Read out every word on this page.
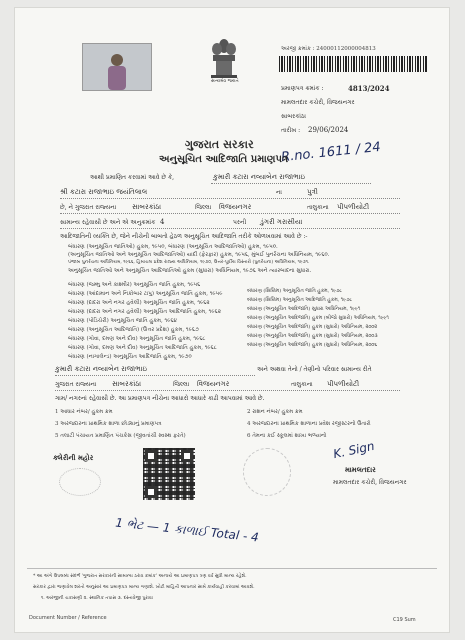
સત્યમેવ જયતે
અરજી ક્રમાંક : 24000112000004813
પ્રમાણપત્ર ક્રમાંક :	4813/2024
મામલતદાર કચેરી, વિજયનગર
સાબરકાંઠા
તારીખ : 29/06/2024
R.no. 1611 / 24
ગુજરાત સરકાર
અનુસૂચિત આદિજાતિ પ્રમાણપત્ર
આથી પ્રમાણિત કરવામાં આવે છે કે,	કુમારી કટારા નવ્યાબેન રાજાભાઇ
શ્રી કટારા રાજાભાઇ જયંતિલાલ	ના	પુત્રી
છે, ને ગુજરાત રાજ્યના સાબરકાંઠા	જિલ્લા વિજયનગર	તાલુકાના પીપળીયોટી
સામાન્ય રહેવાસી છે અને એ અનુક્રમાંક 4	પરની ડુંગરી ગરાસીયા
આદિજાતિની વ્યક્તિ છે, જેને નીચેની બાબતો હેઠળ અનુસૂચિત આદિજાતિ તરીકે ઓળખવામાં આવે છે :-
બંધારણ (અનુસૂચિત જાતિઓ) હુકમ, ૧૯૫૦, બંધારણ (અનુસૂચિત આદિજાતિઓ) હુકમ, ૧૯૫૦.
(અનુસૂચિત જાતિઓ અને અનુસૂચિત આદિજાતિઓ) યાદી (ફેરફાર) હુકમ, ૧૯૫૬, મુંબઈ પુનર્રચના અધિનિયમ, ૧૯૬૦.
પંજાબ પુનર્રચના અધિનિયમ, ૧૯૬૬, હિમાચલ પ્રદેશ રાજ્ય અધિનિયમ, ૧૯૭૦, ઉત્તર-પૂર્વીય વિસ્તારો (પુનર્રચના) અધિનિયમ, ૧૯૭૧.
અનુસૂચિત જાતિઓ અને અનુસૂચિત આદિજાતિઓ હુકમ (સુધારા) અધિનિયમ, ૧૯૭૬ અને ત્યારબાદના સુધારા.
બંધારણ (જમ્મુ અને કાશ્મીર) અનુસૂચિત જાતિ હુકમ, ૧૯૫૬
બંધારણ (આંદામાન અને નિકોબાર ટાપુ) અનુસૂચિત જાતિ હુકમ, ૧૯૫૯
બંધારણ (દાદરા અને નગર હવેલી) અનુસૂચિત જાતિ હુકમ, ૧૯૬૨
બંધારણ (દાદરા અને નગર હવેલી) અનુસૂચિત આદિજાતિ હુકમ, ૧૯૬૨
બંધારણ (પોંડિચેરી) અનુસૂચિત જાતિ હુકમ, ૧૯૬૪
બંધારણ (અનુસૂચિત આદિજાતિ) (ઉત્તર પ્રદેશ) હુકમ, ૧૯૬૭
બંધારણ (ગોવા, દમણ અને દીવ) અનુસૂચિત જાતિ હુકમ, ૧૯૬૮
બંધારણ (ગોવા, દમણ અને દીવ) અનુસૂચિત આદિજાતિ હુકમ, ૧૯૬૮
બંધારણ (નાગાલેન્ડ) અનુસૂચિત આદિજાતિ હુકમ, ૧૯૭૦
બંધારણ (સિક્કિમ) અનુસૂચિત જાતિ હુકમ, ૧૯૭૮
બંધારણ (સિક્કિમ) અનુસૂચિત આદિજાતિ હુકમ, ૧૯૭૮
બંધારણ (અનુસૂચિત આદિજાતિ) સુધારા અધિનિયમ, ૧૯૯૧
બંધારણ (અનુસૂચિત આદિજાતિ) હુકમ (બીજો સુધારો) અધિનિયમ, ૧૯૯૧
બંધારણ (અનુસૂચિત આદિજાતિ) હુકમ (સુધારો) અધિનિયમ, ૨૦૦૨
બંધારણ (અનુસૂચિત આદિજાતિ) હુકમ (સુધારો) અધિનિયમ, ૨૦૦૩
બંધારણ (અનુસૂચિત આદિજાતિ) હુકમ (સુધારો) અધિનિયમ, ૨૦૦૬
કુમારી કટારા નવ્યાબેન રાજાભાઇ	અને અથવા તેનો / તેણીનો પરિવાર સામાન્ય રીતે
ગુજરાત રાજ્યના સાબરકાંઠા	જિલ્લા વિજયનગર	તાલુકાના પીપળીયોટી
ગામ/ નગરનાં રહેવાસી છે. આ પ્રમાણપત્ર નીચેના આધારો આધારે કાઢી આપવામાં આવે છે.
1 આધાર નંબર/ હુકમ ક્રમ	2 રાશન નંબર/ હુકમ ક્રમ
3 અરજદારના પ્રાથમિક શાળા છોડ્યાનું પ્રમાણપત્ર	4 અરજદારના પ્રાથમિક શાળાના પ્રવેશ રજીસ્ટરનો ઉતારો
5 તલાટી પંચાયત પ્રમાણિત પંચકેસ (જીવતાંચી સ્વસ્થ ફરતે)	6 તેમના કઈ સ્કૂલમાં શાખા ભળ્યાનો
ક્લેરીની મહોર	K. Sign
મામલતદાર
મામલતદાર કચેરી, વિજયનગર
1 ભેટ — 1 કાળાઈ Total - 4
* આ અંગે ઉપલબ્ધ સંદર્ભ 'ગુજરાત સરકારની સામાન્ય ઠરાવ ક્રમાંક' અન્વયે આ પ્રમાણપત્ર ત્રણ વર્ષ સુધી માન્ય રહેશે.
સરકાર દ્વારા જણાવેલ શરતો અનુસાર આ પ્રમાણપત્ર માન્ય ગણાશે. ખોટી માહિતી આપનાર સામે કાર્યવાહી કરવામાં આવશે.
૧. અરજીની ચકાસણી ૨. સ્થાનિક તપાસ ૩. દસ્તાવેજી પુરાવા
Document Number / Reference	C19 Sum
